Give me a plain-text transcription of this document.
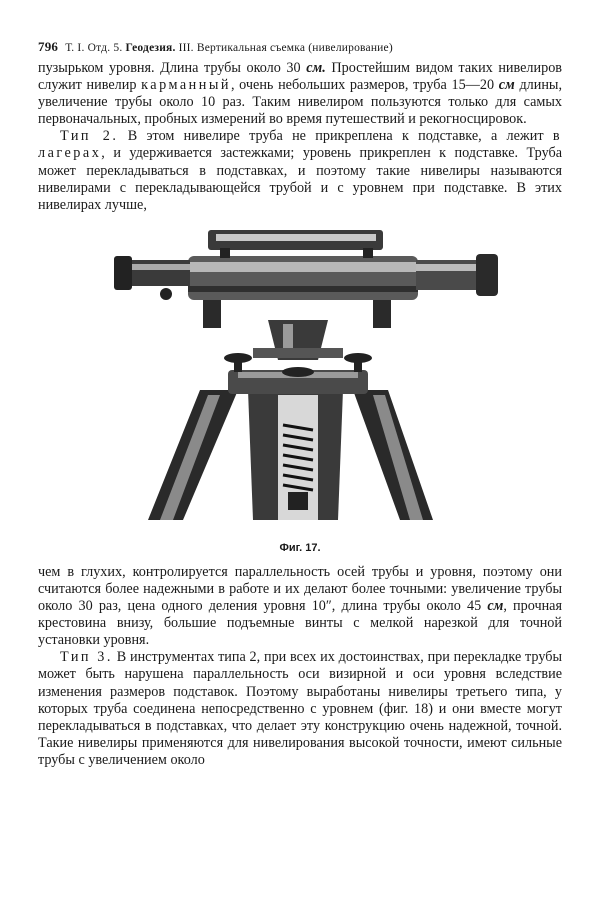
796 Т. I. Отд. 5. Геодезия. III. Вертикальная съемка (нивелирование)

пузырьком уровня. Длина трубы около 30 см. Простейшим видом таких нивелиров служит нивелир карманный, очень небольших размеров, труба 15—20 см длины, увеличение трубы около 10 раз. Таким нивелиром пользуются только для самых первоначальных, пробных измерений во время путешествий и рекогносцировок.

Тип 2. В этом нивелире труба не прикреплена к подставке, а лежит в лагерах, и удерживается застежками; уровень прикреплен к подставке. Труба может перекладываться в подставках, и поэтому такие нивелиры называются нивелирами с перекладывающейся трубой и с уровнем при подставке. В этих нивелирах лучше,

Фиг. 17.

чем в глухих, контролируется параллельность осей трубы и уровня, поэтому они считаются более надежными в работе и их делают более точными: увеличение трубы около 30 раз, цена одного деления уровня 10″, длина трубы около 45 см, прочная крестовина внизу, большие подъемные винты с мелкой нарезкой для точной установки уровня.

Тип 3. В инструментах типа 2, при всех их достоинствах, при перекладке трубы может быть нарушена параллельность оси визирной и оси уровня вследствие изменения размеров подставок. Поэтому выработаны нивелиры третьего типа, у которых труба соединена непосредственно с уровнем (фиг. 18) и они вместе могут перекладываться в подставках, что делает эту конструкцию очень надежной, точной. Такие нивелиры применяются для нивелирования высокой точности, имеют сильные трубы с увеличением около
